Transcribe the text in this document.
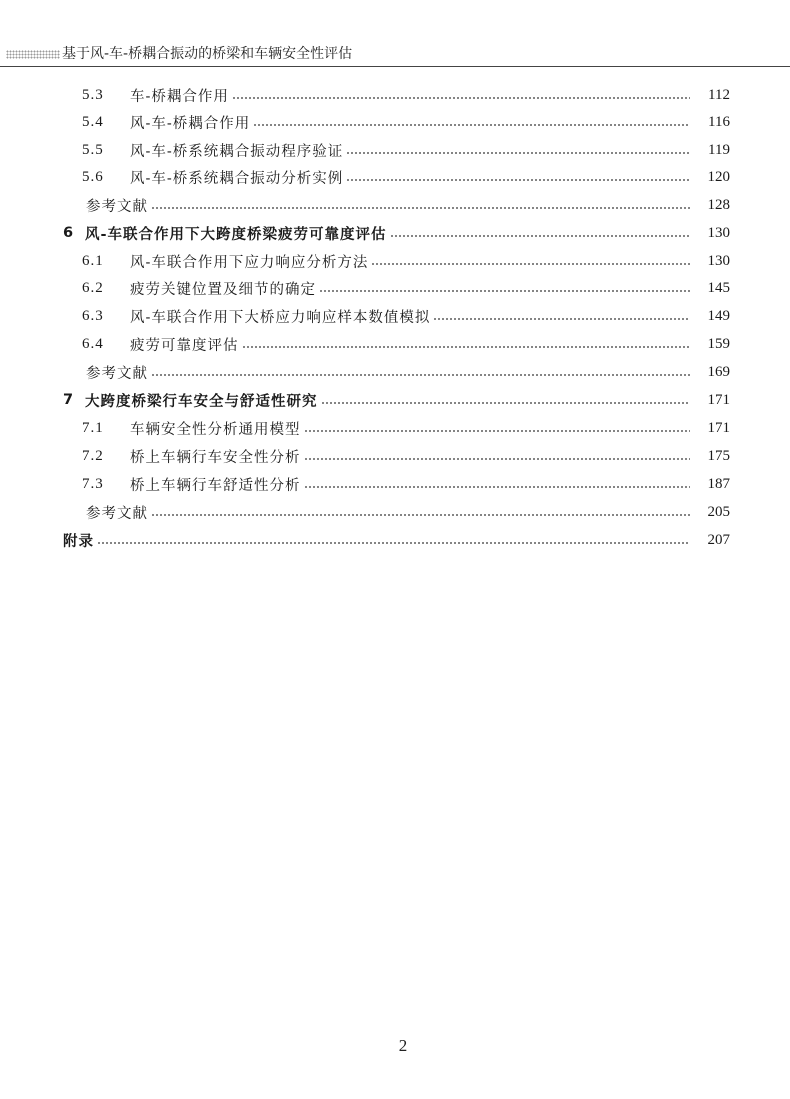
基于风-车-桥耦合振动的桥梁和车辆安全性评估
5.3	车-桥耦合作用	112
5.4	风-车-桥耦合作用	116
5.5	风-车-桥系统耦合振动程序验证	119
5.6	风-车-桥系统耦合振动分析实例	120
参考文献	128
6 风-车联合作用下大跨度桥梁疲劳可靠度评估	130
6.1	风-车联合作用下应力响应分析方法	130
6.2	疲劳关键位置及细节的确定	145
6.3	风-车联合作用下大桥应力响应样本数值模拟	149
6.4	疲劳可靠度评估	159
参考文献	169
7 大跨度桥梁行车安全与舒适性研究	171
7.1	车辆安全性分析通用模型	171
7.2	桥上车辆行车安全性分析	175
7.3	桥上车辆行车舒适性分析	187
参考文献	205
附录	207
2
